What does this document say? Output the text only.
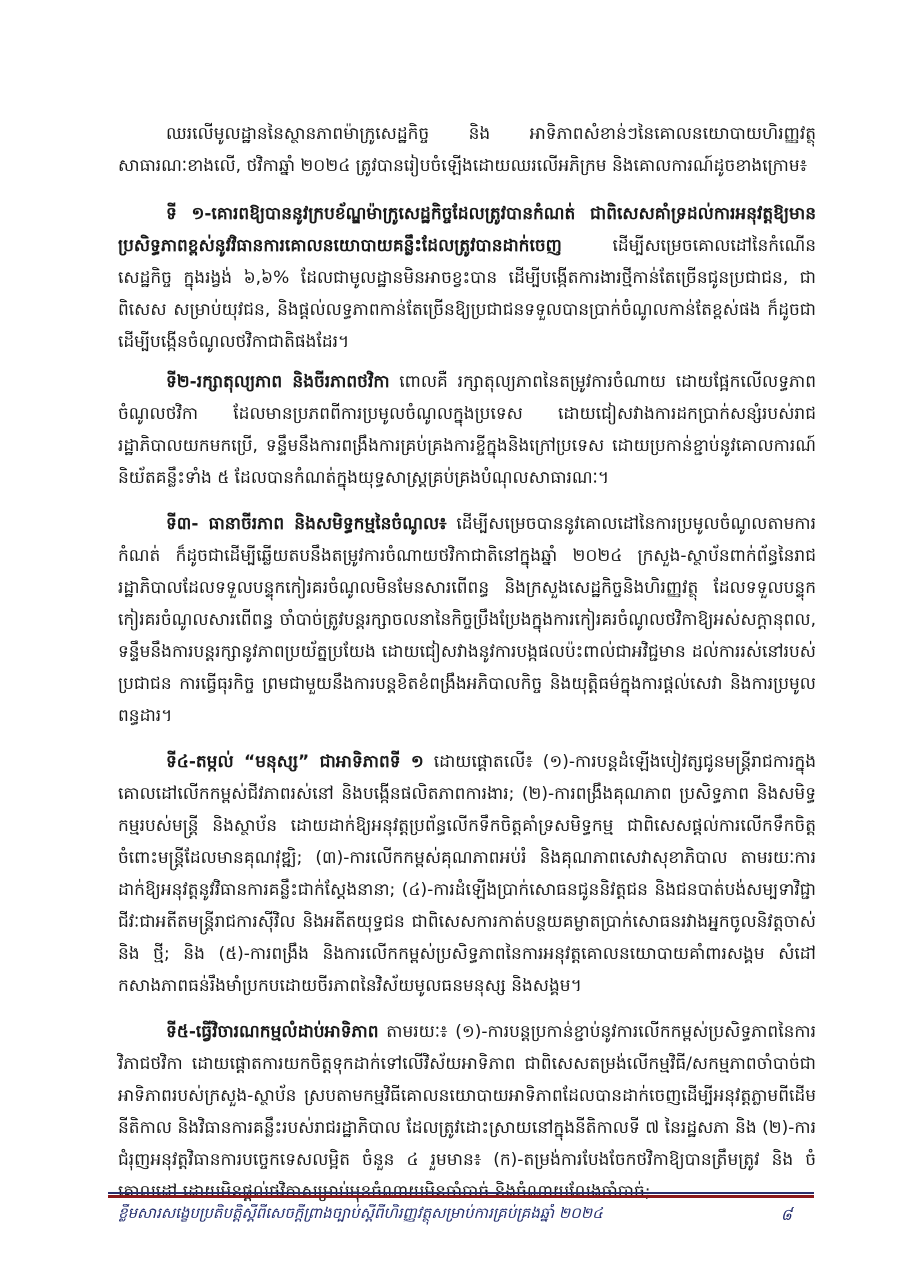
ឈរលើមូលដ្ឋាននៃស្ថានភាពម៉ាក្រូសេដ្ឋកិច្ច និង អាទិភាពសំខាន់ៗនៃគោលនយោបាយហិរញ្ញវត្ថុសាធារណៈខាងលើ, ថវិកាឆ្នាំ ២០២៤ ត្រូវបានរៀបចំឡើងដោយឈរលើអភិក្រម និងគោលការណ៍ដូចខាងក្រោម៖

ទី ១-គោរពឱ្យបាននូវក្របខ័ណ្ឌម៉ាក្រូសេដ្ឋកិច្ចដែលត្រូវបានកំណត់ ជាពិសេសគាំទ្រដល់ការអនុវត្តឱ្យមានប្រសិទ្ធភាពខ្ពស់នូវវិធានការគោលនយោបាយគន្លឹះដែលត្រូវបានដាក់ចេញ ដើម្បីសម្រេចគោលដៅនៃកំណើនសេដ្ឋកិច្ច ក្នុងរង្វង់ ៦,៦% ដែលជាមូលដ្ឋានមិនអាចខ្វះបាន ដើម្បីបង្កើតការងារថ្មីកាន់តែច្រើនជូនប្រជាជន, ជាពិសេស សម្រាប់យុវជន, និងផ្តល់លទ្ធភាពកាន់តែច្រើនឱ្យប្រជាជនទទួលបានប្រាក់ចំណូលកាន់តែខ្ពស់ផង ក៏ដូចជាដើម្បីបង្កើនចំណូលថវិកាជាតិផងដែរ។

ទី២-រក្សាតុល្យភាព និងចីរភាពថវិកា ពោលគឺ រក្សាតុល្យភាពនៃតម្រូវការចំណាយ ដោយផ្អែកលើលទ្ធភាពចំណូលថវិកា ដែលមានប្រភពពីការប្រមូលចំណូលក្នុងប្រទេស ដោយជៀសវាងការដកប្រាក់សន្សំរបស់រាជរដ្ឋាភិបាលយកមកប្រើ, ទន្ទឹមនឹងការពង្រឹងការគ្រប់គ្រងការខ្ចីក្នុងនិងក្រៅប្រទេស ដោយប្រកាន់ខ្ជាប់នូវគោលការណ៍និយ័តគន្លឹះទាំង ៥ ដែលបានកំណត់ក្នុងយុទ្ធសាស្ត្រគ្រប់គ្រងបំណុលសាធារណៈ។

ទី៣- ធានាចីរភាព និងសមិទ្ធកម្មនៃចំណូល៖ ដើម្បីសម្រេចបាននូវគោលដៅនៃការប្រមូលចំណូលតាមការកំណត់ ក៏ដូចជាដើម្បីឆ្លើយតបនឹងតម្រូវការចំណាយថវិកាជាតិនៅក្នុងឆ្នាំ ២០២៤ ក្រសួង-ស្ថាប័នពាក់ព័ន្ធនៃរាជរដ្ឋាភិបាលដែលទទួលបន្ទុកកៀរគរចំណូលមិនមែនសារពើពន្ធ និងក្រសួងសេដ្ឋកិច្ចនិងហិរញ្ញវត្ថុ ដែលទទួលបន្ទុកកៀរគរចំណូលសារពើពន្ធ ចាំបាច់ត្រូវបន្តរក្សាចលនានៃកិច្ចប្រឹងប្រែងក្នុងការកៀរគរចំណូលថវិកាឱ្យអស់សក្តានុពល, ទន្ទឹមនឹងការបន្តរក្សានូវភាពប្រយ័ត្នប្រយែង ដោយជៀសវាងនូវការបង្កផលប៉ះពាល់ជាអវិជ្ជមាន ដល់ការរស់នៅរបស់ប្រជាជន ការធ្វើធុរកិច្ច ព្រមជាមួយនឹងការបន្តខិតខំពង្រឹងអភិបាលកិច្ច និងយុត្តិធម៌ក្នុងការផ្តល់សេវា និងការប្រមូលពន្ធដារ។

ទី៤-តម្កល់ “មនុស្ស” ជាអាទិភាពទី ១ ដោយផ្តោតលើ៖ (១)-ការបន្តដំឡើងបៀវត្សជូនមន្ត្រីរាជការក្នុងគោលដៅលើកកម្ពស់ជីវភាពរស់នៅ និងបង្កើនផលិតភាពការងារ; (២)-ការពង្រឹងគុណភាព ប្រសិទ្ធភាព និងសមិទ្ធកម្មរបស់មន្ត្រី និងស្ថាប័ន ដោយដាក់ឱ្យអនុវត្តប្រព័ន្ធលើកទឹកចិត្តគាំទ្រសមិទ្ធកម្ម ជាពិសេសផ្តល់ការលើកទឹកចិត្តចំពោះមន្ត្រីដែលមានគុណវុឌ្ឍិ; (៣)-ការលើកកម្ពស់គុណភាពអប់រំ និងគុណភាពសេវាសុខាភិបាល តាមរយៈការដាក់ឱ្យអនុវត្តនូវវិធានការគន្លឹះជាក់ស្តែងនានា; (៤)-ការដំឡើងប្រាក់សោធនជូននិវត្តជន និងជនបាត់បង់សម្បទាវិជ្ជាជីវៈជាអតីតមន្ត្រីរាជការស៊ីវិល និងអតីតយុទ្ធជន ជាពិសេសការកាត់បន្ថយគម្លាតប្រាក់សោធនរវាងអ្នកចូលនិវត្តចាស់ និង ថ្មី; និង (៥)-ការពង្រឹង និងការលើកកម្ពស់ប្រសិទ្ធភាពនៃការអនុវត្តគោលនយោបាយគាំពារសង្គម សំដៅកសាងភាពធន់រឹងមាំប្រកបដោយចីរភាពនៃវិស័យមូលធនមនុស្ស និងសង្គម។

ទី៥-ធ្វើវិចារណកម្មលំដាប់អាទិភាព តាមរយៈ៖ (១)-ការបន្តប្រកាន់ខ្ជាប់នូវការលើកកម្ពស់ប្រសិទ្ធភាពនៃការវិភាជថវិកា ដោយផ្តោតការយកចិត្តទុកដាក់ទៅលើវិស័យអាទិភាព ជាពិសេសតម្រង់លើកម្មវិធី/សកម្មភាពចាំបាច់ជាអាទិភាពរបស់ក្រសួង-ស្ថាប័ន ស្របតាមកម្មវិធីគោលនយោបាយអាទិភាពដែលបានដាក់ចេញដើម្បីអនុវត្តភ្លាមពីដើមនីតិកាល និងវិធានការគន្លឹះរបស់រាជរដ្ឋាភិបាល ដែលត្រូវដោះស្រាយនៅក្នុងនីតិកាលទី ៧ នៃរដ្ឋសភា និង (២)-ការជំរុញអនុវត្តវិធានការបច្ចេកទេសលម្អិត ចំនួន ៤ រួមមាន៖ (ក)-តម្រង់ការបែងចែកថវិកាឱ្យបានត្រឹមត្រូវ និង ចំ

ខ្លឹមសារសង្ខេបប្រតិបត្តិស្តីពីសេចក្តីព្រាងច្បាប់ស្តីពីហិរញ្ញវត្ថុសម្រាប់ការគ្រប់គ្រងឆ្នាំ ២០២៤	៨
